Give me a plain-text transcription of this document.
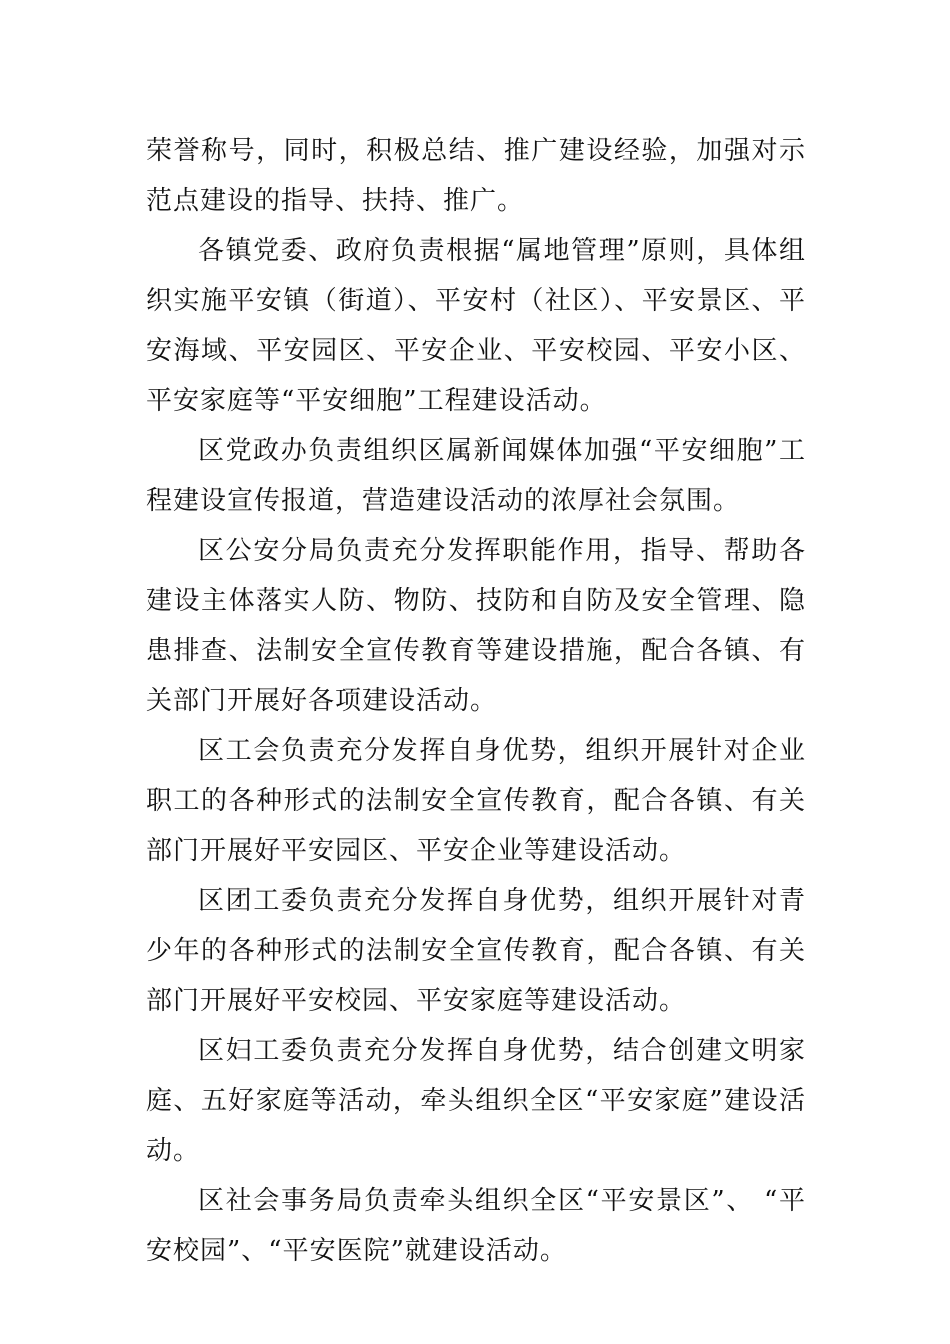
荣誉称号，同时，积极总结、推广建设经验，加强对示范点建设的指导、扶持、推广。

各镇党委、政府负责根据“属地管理”原则，具体组织实施平安镇（街道）、平安村（社区）、平安景区、平安海域、平安园区、平安企业、平安校园、平安小区、平安家庭等“平安细胞”工程建设活动。

区党政办负责组织区属新闻媒体加强“平安细胞”工程建设宣传报道，营造建设活动的浓厚社会氛围。

区公安分局负责充分发挥职能作用，指导、帮助各建设主体落实人防、物防、技防和自防及安全管理、隐患排查、法制安全宣传教育等建设措施，配合各镇、有关部门开展好各项建设活动。

区工会负责充分发挥自身优势，组织开展针对企业职工的各种形式的法制安全宣传教育，配合各镇、有关部门开展好平安园区、平安企业等建设活动。

区团工委负责充分发挥自身优势，组织开展针对青少年的各种形式的法制安全宣传教育，配合各镇、有关部门开展好平安校园、平安家庭等建设活动。

区妇工委负责充分发挥自身优势，结合创建文明家庭、五好家庭等活动，牵头组织全区“平安家庭”建设活动。

区社会事务局负责牵头组织全区“平安景区”、 “平安校园”、“平安医院”就建设活动。
